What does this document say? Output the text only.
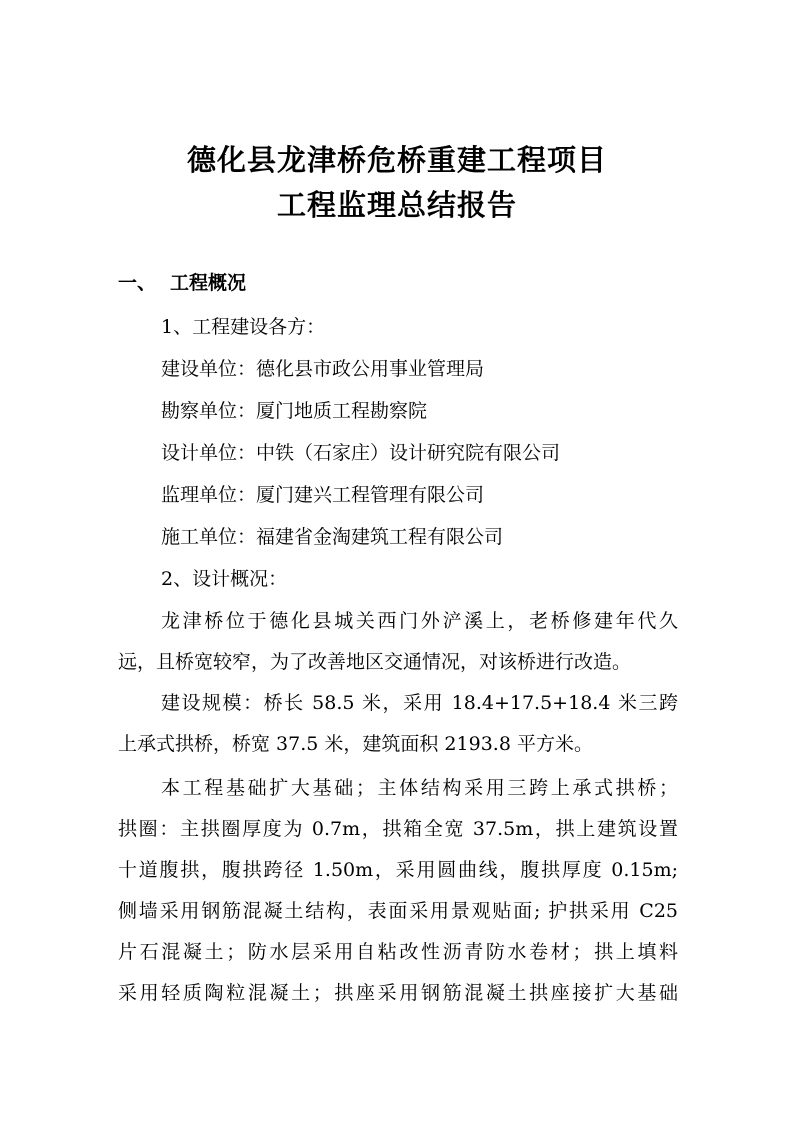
德化县龙津桥危桥重建工程项目
工程监理总结报告
一、 工程概况
1、工程建设各方：
建设单位：德化县市政公用事业管理局
勘察单位：厦门地质工程勘察院
设计单位：中铁（石家庄）设计研究院有限公司
监理单位：厦门建兴工程管理有限公司
施工单位：福建省金淘建筑工程有限公司
2、设计概况：
龙津桥位于德化县城关西门外浐溪上，老桥修建年代久
远，且桥宽较窄，为了改善地区交通情况，对该桥进行改造。
建设规模：桥长 58.5 米，采用 18.4+17.5+18.4 米三跨
上承式拱桥，桥宽 37.5 米，建筑面积 2193.8 平方米。
本工程基础扩大基础；主体结构采用三跨上承式拱桥；
拱圈：主拱圈厚度为 0.7m，拱箱全宽 37.5m，拱上建筑设置
十道腹拱，腹拱跨径 1.50m，采用圆曲线，腹拱厚度 0.15m;
侧墙采用钢筋混凝土结构，表面采用景观贴面; 护拱采用 C25
片石混凝土；防水层采用自粘改性沥青防水卷材；拱上填料
采用轻质陶粒混凝土；拱座采用钢筋混凝土拱座接扩大基础
